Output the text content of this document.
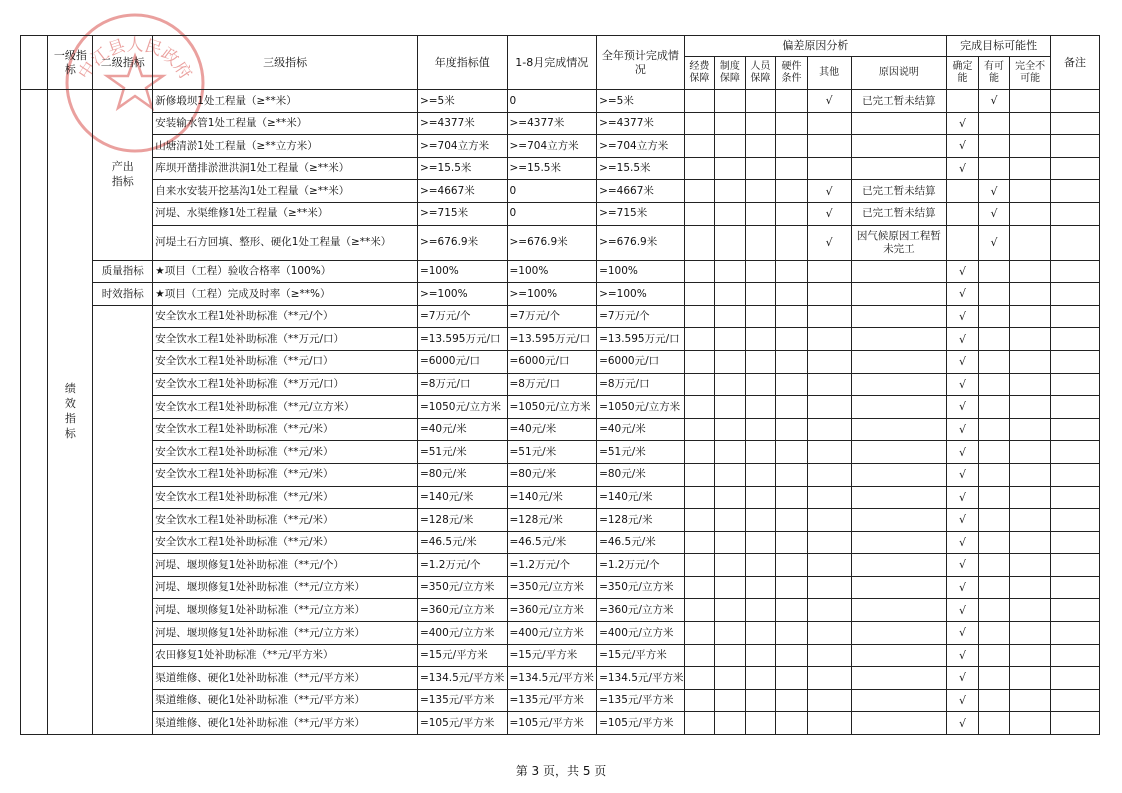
中江县人民政府
	一级指标	二级指标	三级指标	年度指标值	1-8月完成情况	全年预计完成情况	偏差原因分析						完成目标可能性			备注
							经费保障	制度保障	人员保障	硬件条件	其他	原因说明	确定能	有可能	完全不可能	
	绩效指标	产出指标	新修塅坝1处工程量（≥**米）	>=5米	0	>=5米					√	已完工暂未结算		√		
			安装输水管1处工程量（≥**米）	>=4377米	>=4377米	>=4377米							√			
			山塘清淤1处工程量（≥**立方米）	>=704立方米	>=704立方米	>=704立方米							√			
			库坝开凿排淤泄洪洞1处工程量（≥**米）	>=15.5米	>=15.5米	>=15.5米							√			
			自来水安装开挖基沟1处工程量（≥**米）	>=4667米	0	>=4667米					√	已完工暂未结算		√		
			河堤、水渠维修1处工程量（≥**米）	>=715米	0	>=715米					√	已完工暂未结算		√		
			河堤土石方回填、整形、硬化1处工程量（≥**米）	>=676.9米	>=676.9米	>=676.9米					√	因气候原因工程暂未完工		√		
		质量指标	★项目（工程）验收合格率（100%）	=100%	=100%	=100%							√			
		时效指标	★项目（工程）完成及时率（≥**%）	>=100%	>=100%	>=100%							√			
			安全饮水工程1处补助标准（**元/个）	=7万元/个	=7万元/个	=7万元/个							√			
			安全饮水工程1处补助标准（**万元/口）	=13.595万元/口	=13.595万元/口	=13.595万元/口							√			
			安全饮水工程1处补助标准（**元/口）	=6000元/口	=6000元/口	=6000元/口							√			
			安全饮水工程1处补助标准（**万元/口）	=8万元/口	=8万元/口	=8万元/口							√			
			安全饮水工程1处补助标准（**元/立方米）	=1050元/立方米	=1050元/立方米	=1050元/立方米							√			
			安全饮水工程1处补助标准（**元/米）	=40元/米	=40元/米	=40元/米							√			
			安全饮水工程1处补助标准（**元/米）	=51元/米	=51元/米	=51元/米							√			
			安全饮水工程1处补助标准（**元/米）	=80元/米	=80元/米	=80元/米							√			
			安全饮水工程1处补助标准（**元/米）	=140元/米	=140元/米	=140元/米							√			
			安全饮水工程1处补助标准（**元/米）	=128元/米	=128元/米	=128元/米							√			
			安全饮水工程1处补助标准（**元/米）	=46.5元/米	=46.5元/米	=46.5元/米							√			
			河堤、堰坝修复1处补助标准（**元/个）	=1.2万元/个	=1.2万元/个	=1.2万元/个							√			
			河堤、堰坝修复1处补助标准（**元/立方米）	=350元/立方米	=350元/立方米	=350元/立方米							√			
			河堤、堰坝修复1处补助标准（**元/立方米）	=360元/立方米	=360元/立方米	=360元/立方米							√			
			河堤、堰坝修复1处补助标准（**元/立方米）	=400元/立方米	=400元/立方米	=400元/立方米							√			
			农田修复1处补助标准（**元/平方米）	=15元/平方米	=15元/平方米	=15元/平方米							√			
			渠道维修、硬化1处补助标准（**元/平方米）	=134.5元/平方米	=134.5元/平方米	=134.5元/平方米							√			
			渠道维修、硬化1处补助标准（**元/平方米）	=135元/平方米	=135元/平方米	=135元/平方米							√			
			渠道维修、硬化1处补助标准（**元/平方米）	=105元/平方米	=105元/平方米	=105元/平方米							√			
第 3 页，共 5 页
